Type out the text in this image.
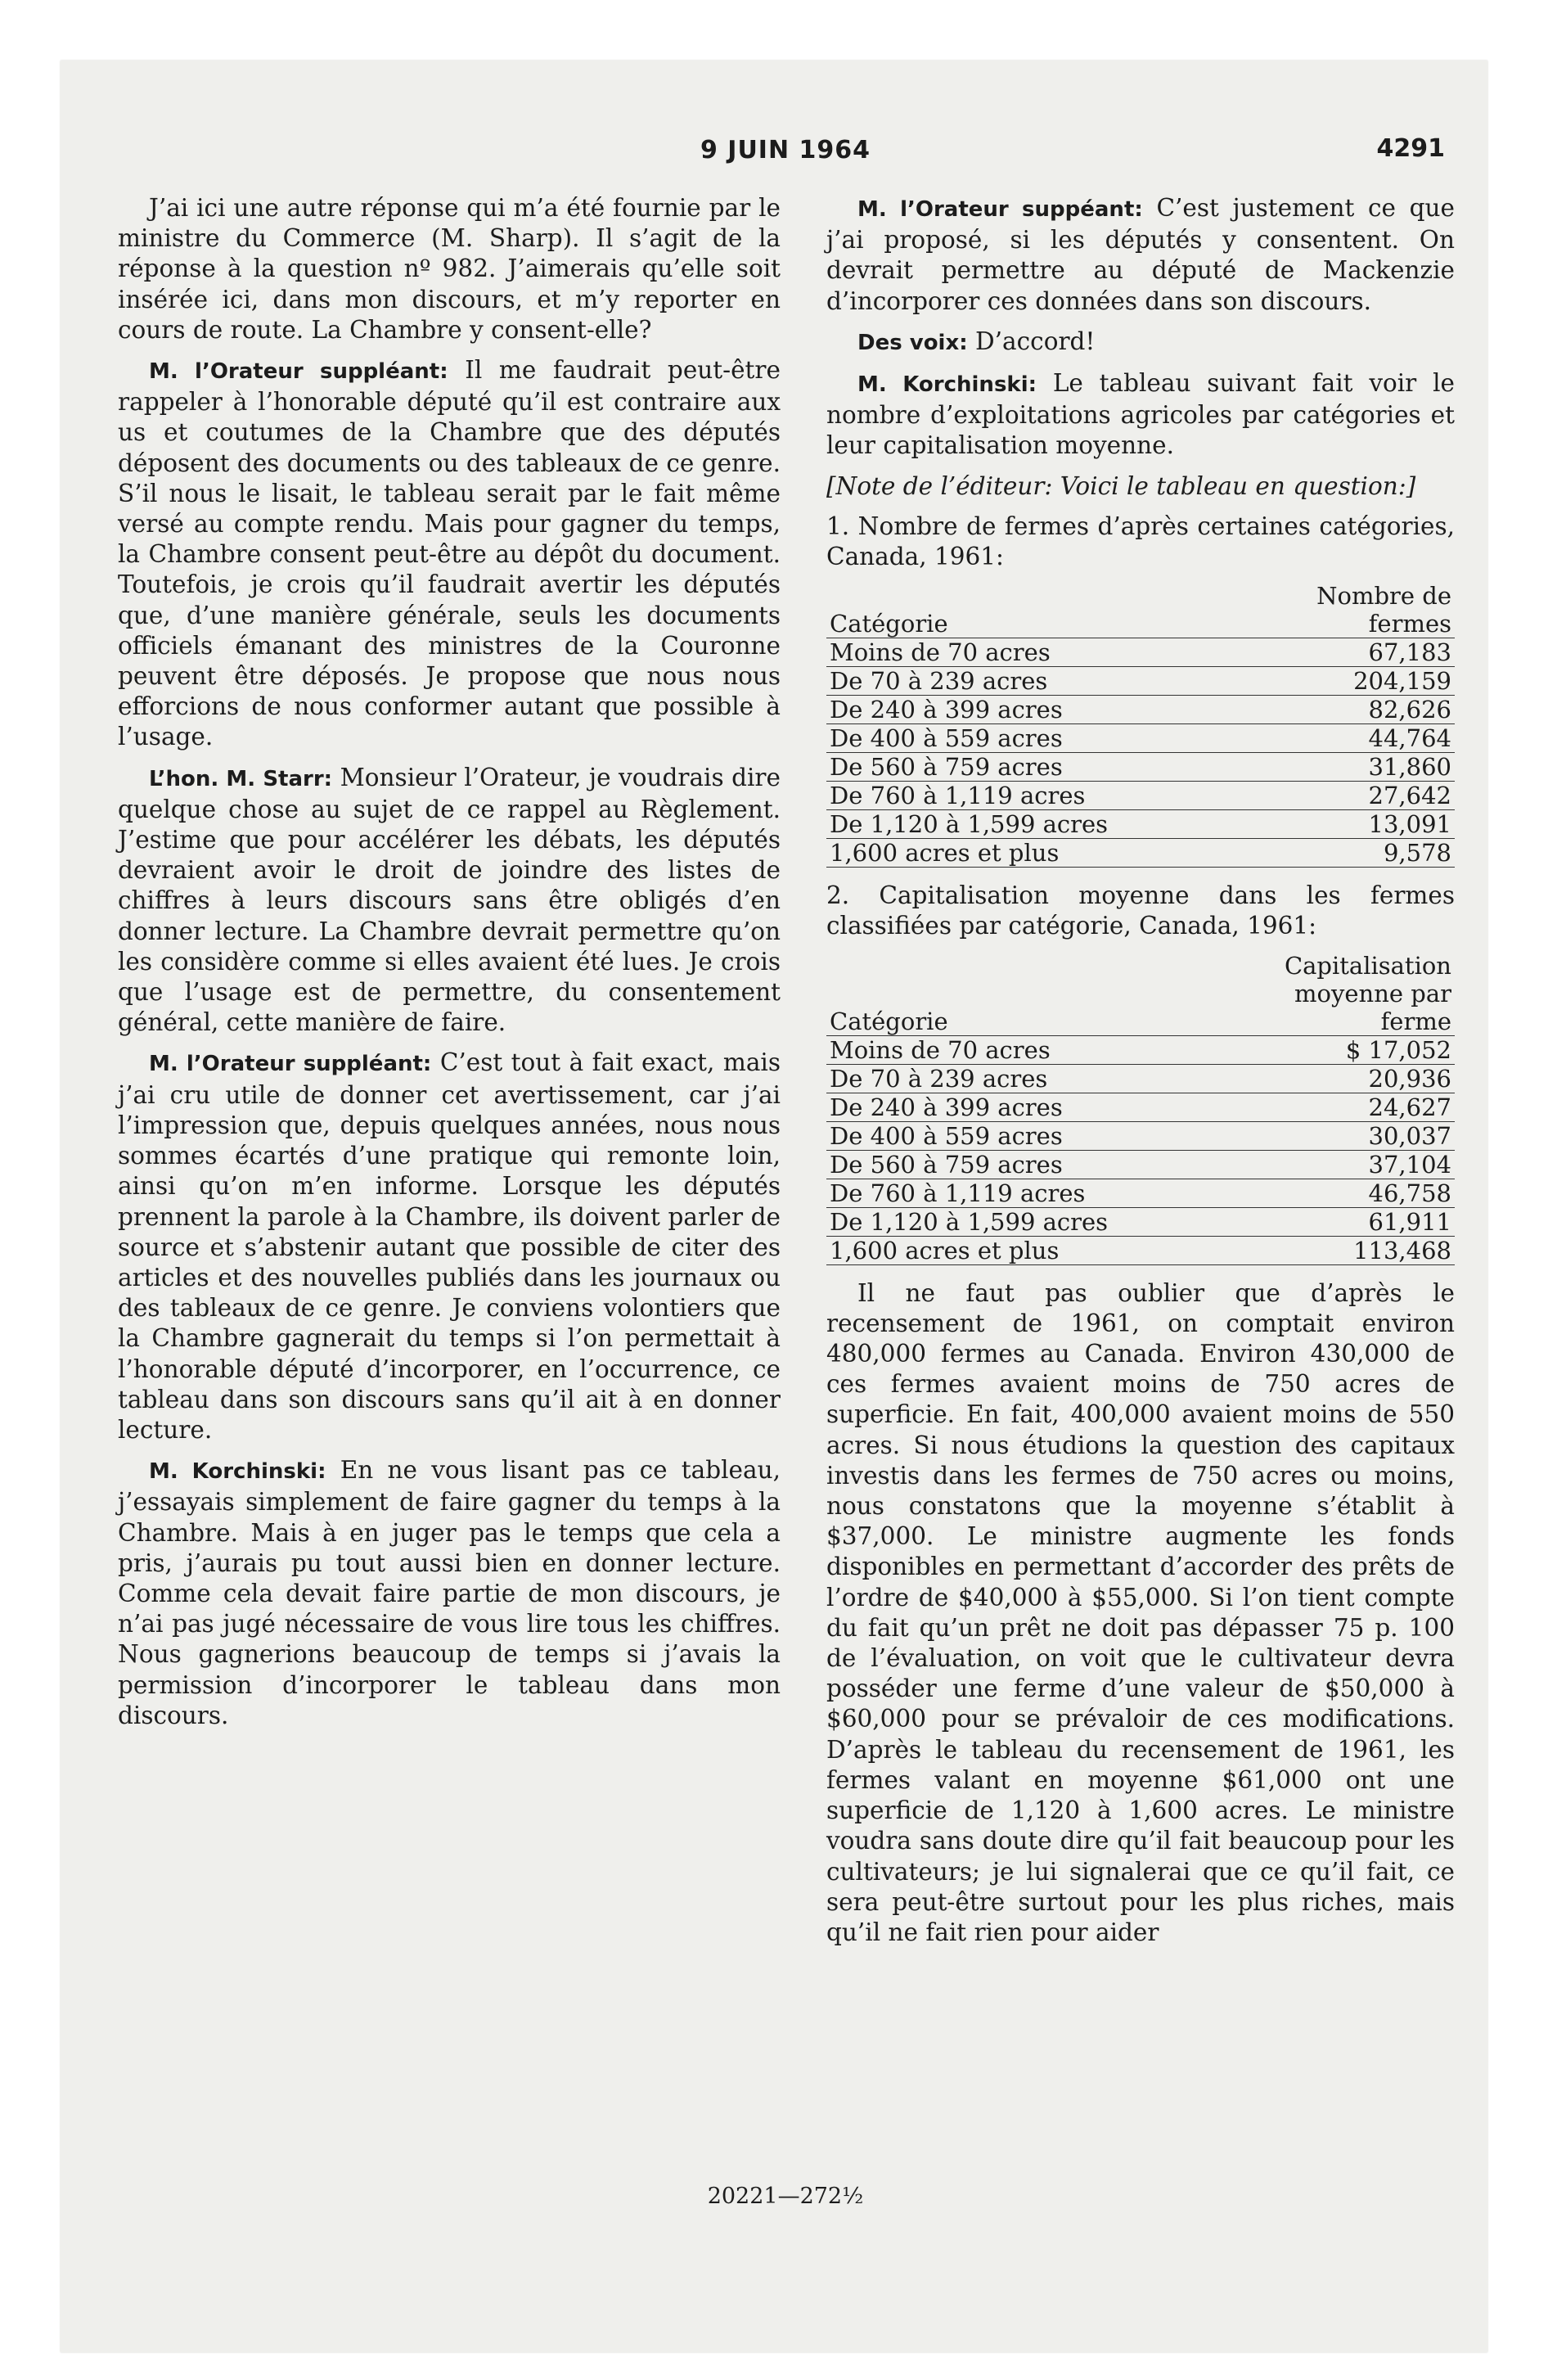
9 JUIN 1964	4291

J’ai ici une autre réponse qui m’a été fournie par le ministre du Commerce (M. Sharp). Il s’agit de la réponse à la question nº 982. J’aimerais qu’elle soit insérée ici, dans mon discours, et m’y reporter en cours de route. La Chambre y consent-elle?

M. l’Orateur suppléant: Il me faudrait peut-être rappeler à l’honorable député qu’il est contraire aux us et coutumes de la Chambre que des députés déposent des documents ou des tableaux de ce genre. S’il nous le lisait, le tableau serait par le fait même versé au compte rendu. Mais pour gagner du temps, la Chambre consent peut-être au dépôt du document. Toutefois, je crois qu’il faudrait avertir les députés que, d’une manière générale, seuls les documents officiels émanant des ministres de la Couronne peuvent être déposés. Je propose que nous nous efforcions de nous conformer autant que possible à l’usage.

L’hon. M. Starr: Monsieur l’Orateur, je voudrais dire quelque chose au sujet de ce rappel au Règlement. J’estime que pour accélérer les débats, les députés devraient avoir le droit de joindre des listes de chiffres à leurs discours sans être obligés d’en donner lecture. La Chambre devrait permettre qu’on les considère comme si elles avaient été lues. Je crois que l’usage est de permettre, du consentement général, cette manière de faire.

M. l’Orateur suppléant: C’est tout à fait exact, mais j’ai cru utile de donner cet avertissement, car j’ai l’impression que, depuis quelques années, nous nous sommes écartés d’une pratique qui remonte loin, ainsi qu’on m’en informe. Lorsque les députés prennent la parole à la Chambre, ils doivent parler de source et s’abstenir autant que possible de citer des articles et des nouvelles publiés dans les journaux ou des tableaux de ce genre. Je conviens volontiers que la Chambre gagnerait du temps si l’on permettait à l’honorable député d’incorporer, en l’occurrence, ce tableau dans son discours sans qu’il ait à en donner lecture.

M. Korchinski: En ne vous lisant pas ce tableau, j’essayais simplement de faire gagner du temps à la Chambre. Mais à en juger pas le temps que cela a pris, j’aurais pu tout aussi bien en donner lecture. Comme cela devait faire partie de mon discours, je n’ai pas jugé nécessaire de vous lire tous les chiffres. Nous gagnerions beaucoup de temps si j’avais la permission d’incorporer le tableau dans mon discours.

M. l’Orateur suppéant: C’est justement ce que j’ai proposé, si les députés y consentent. On devrait permettre au député de Mackenzie d’incorporer ces données dans son discours.

Des voix: D’accord!

M. Korchinski: Le tableau suivant fait voir le nombre d’exploitations agricoles par catégories et leur capitalisation moyenne.

[Note de l’éditeur: Voici le tableau en question:]

1. Nombre de fermes d’après certaines catégories, Canada, 1961:

Catégorie	Nombre de fermes
Moins de 70 acres	67,183
De 70 à 239 acres	204,159
De 240 à 399 acres	82,626
De 400 à 559 acres	44,764
De 560 à 759 acres	31,860
De 760 à 1,119 acres	27,642
De 1,120 à 1,599 acres	13,091
1,600 acres et plus	9,578

2. Capitalisation moyenne dans les fermes classifiées par catégorie, Canada, 1961:

Catégorie	Capitalisation moyenne par ferme
Moins de 70 acres	$ 17,052
De 70 à 239 acres	20,936
De 240 à 399 acres	24,627
De 400 à 559 acres	30,037
De 560 à 759 acres	37,104
De 760 à 1,119 acres	46,758
De 1,120 à 1,599 acres	61,911
1,600 acres et plus	113,468

Il ne faut pas oublier que d’après le recensement de 1961, on comptait environ 480,000 fermes au Canada. Environ 430,000 de ces fermes avaient moins de 750 acres de superficie. En fait, 400,000 avaient moins de 550 acres. Si nous étudions la question des capitaux investis dans les fermes de 750 acres ou moins, nous constatons que la moyenne s’établit à $37,000. Le ministre augmente les fonds disponibles en permettant d’accorder des prêts de l’ordre de $40,000 à $55,000. Si l’on tient compte du fait qu’un prêt ne doit pas dépasser 75 p. 100 de l’évaluation, on voit que le cultivateur devra posséder une ferme d’une valeur de $50,000 à $60,000 pour se prévaloir de ces modifications. D’après le tableau du recensement de 1961, les fermes valant en moyenne $61,000 ont une superficie de 1,120 à 1,600 acres. Le ministre voudra sans doute dire qu’il fait beaucoup pour les cultivateurs; je lui signalerai que ce qu’il fait, ce sera peut-être surtout pour les plus riches, mais qu’il ne fait rien pour aider

20221—272½
